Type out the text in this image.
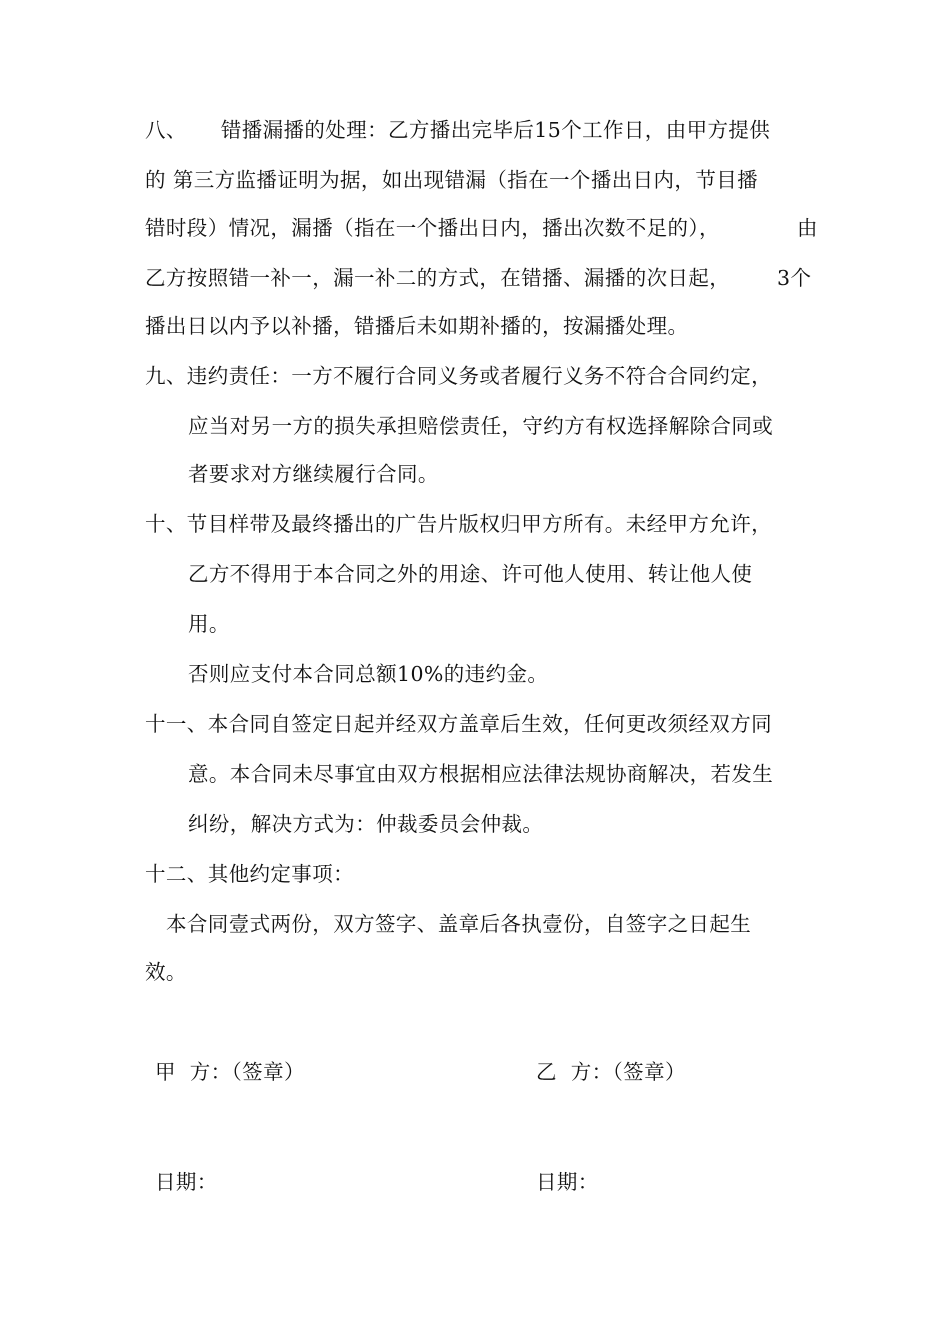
八、 错播漏播的处理：乙方播出完毕后15个工作日，由甲方提供
的 第三方监播证明为据，如出现错漏（指在一个播出日内，节目播
错时段）情况，漏播（指在一个播出日内，播出次数不足的），	由
乙方按照错一补一，漏一补二的方式，在错播、漏播的次日起， 3个
播出日以内予以补播，错播后未如期补播的，按漏播处理。
九、违约责任：一方不履行合同义务或者履行义务不符合合同约定，
应当对另一方的损失承担赔偿责任，守约方有权选择解除合同或
者要求对方继续履行合同。
十、节目样带及最终播出的广告片版权归甲方所有。未经甲方允许，
乙方不得用于本合同之外的用途、许可他人使用、转让他人使
用。
否则应支付本合同总额10%的违约金。
十一、本合同自签定日起并经双方盖章后生效，任何更改须经双方同
意。本合同未尽事宜由双方根据相应法律法规协商解决，若发生
纠纷，解决方式为：仲裁委员会仲裁。
十二、其他约定事项：
本合同壹式两份，双方签字、盖章后各执壹份，自签字之日起生
效。
甲  方：（签章）	乙  方：（签章）
日期：	日期：
